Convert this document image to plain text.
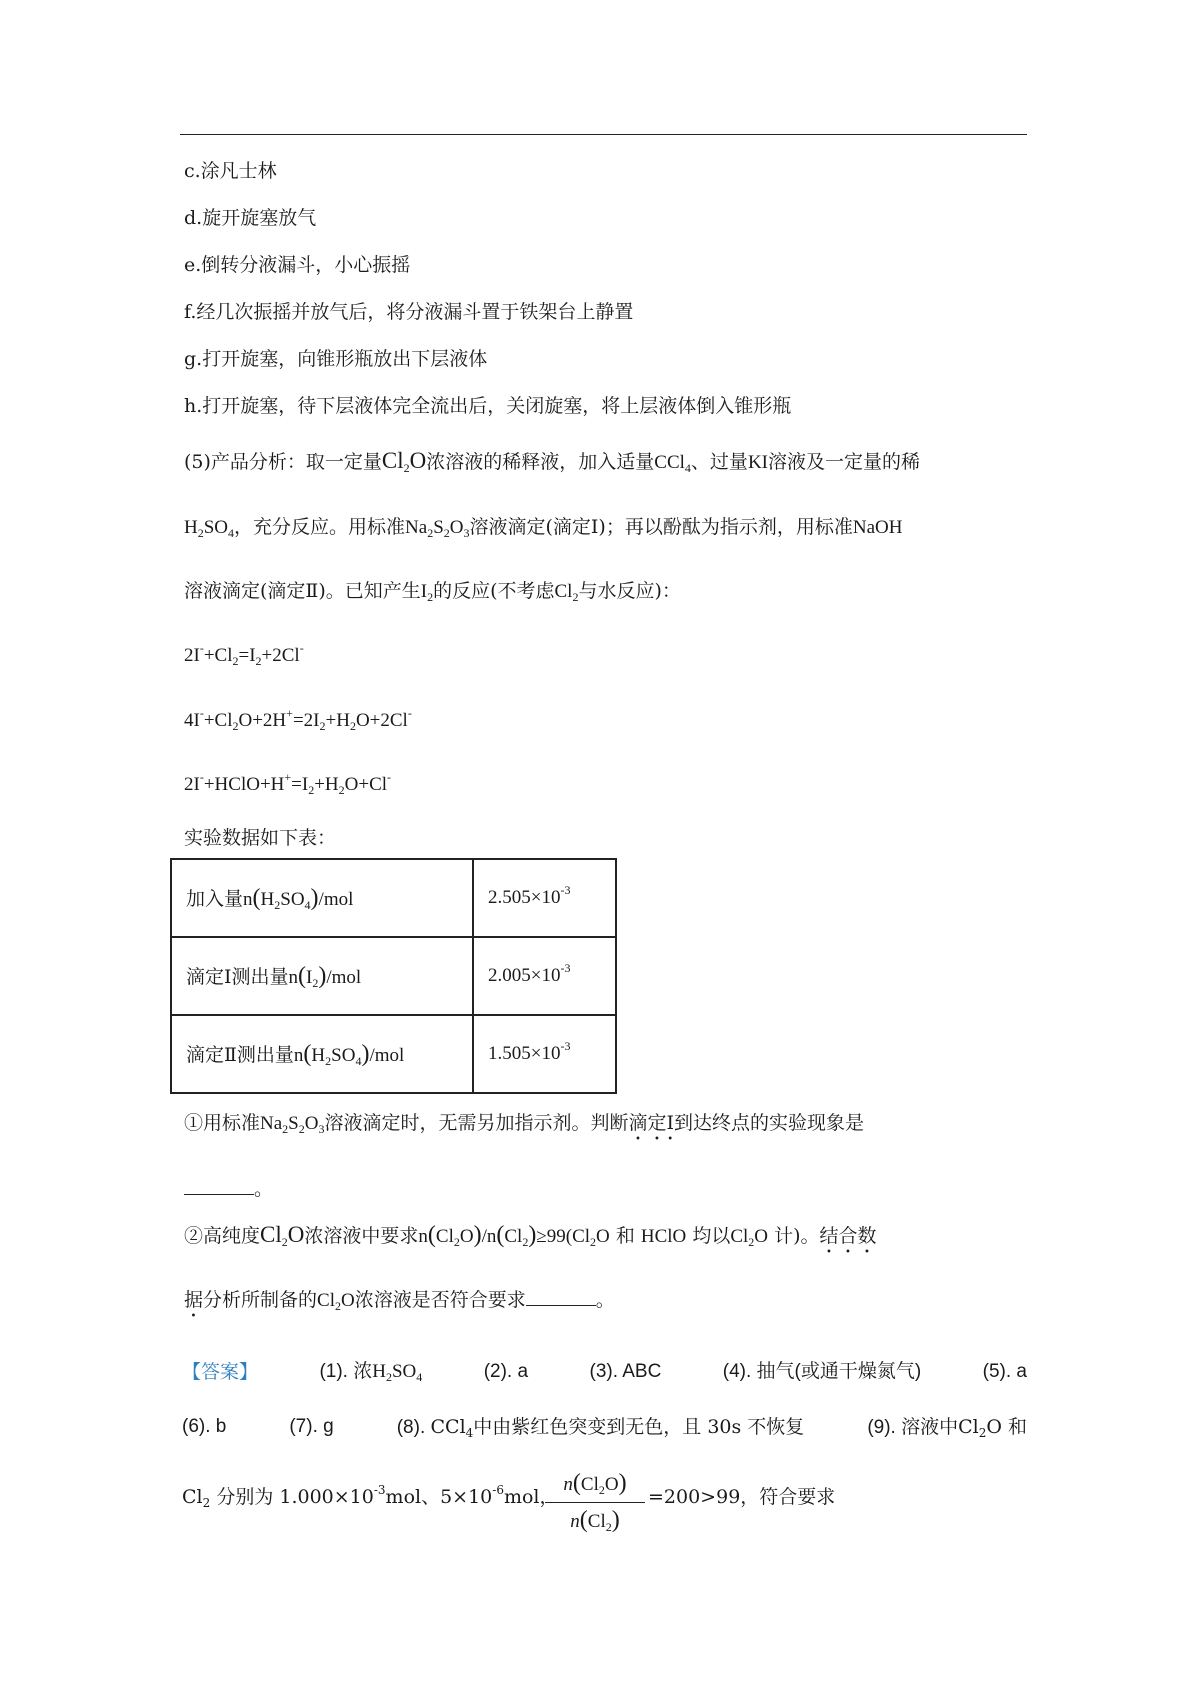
c.涂凡士林
d.旋开旋塞放气
e.倒转分液漏斗，小心振摇
f.经几次振摇并放气后，将分液漏斗置于铁架台上静置
g.打开旋塞，向锥形瓶放出下层液体
h.打开旋塞，待下层液体完全流出后，关闭旋塞，将上层液体倒入锥形瓶
(5)产品分析：取一定量$Cl_2O$浓溶液的稀释液，加入适量CCl$_4$、过量KI溶液及一定量的稀
$H_2SO_4$，充分反应。用标准$Na_2S_2O_3$溶液滴定(滴定Ⅰ)；再以酚酞为指示剂，用标准NaOH
溶液滴定(滴定Ⅱ)。已知产生$I_2$的反应(不考虑$Cl_2$与水反应)：
$2I^-+Cl_2=I_2+2Cl^-$
$4I^-+Cl_2O+2H^+=2I_2+H_2O+2Cl^-$
$2I^-+HClO+H^+=I_2+H_2O+Cl^-$
实验数据如下表：
加入量$n(H_2SO_4)$/mol	$2.505\times 10^{-3}$
滴定Ⅰ测出量$n(I_2)$/mol	$2.005\times 10^{-3}$
滴定Ⅱ测出量$n(H_2SO_4)$/mol	$1.505\times 10^{-3}$
①用标准$Na_2S_2O_3$溶液滴定时，无需另加指示剂。判断滴定Ⅰ到达终点的实验现象是
。
②高纯度$Cl_2O$浓溶液中要求$n(Cl_2O)/n(Cl_2)\ge 99(Cl_2O$ 和 HClO 均以$Cl_2O$ 计)。结合数
据分析所制备的$Cl_2O$浓溶液是否符合要求	。
【答案】	(1). 浓$H_2SO_4$	(2). a	(3). ABC	(4). 抽气(或通干燥氮气)	(5). a
(6). b	(7). g	(8). CCl$_4$中由紫红色突变到无色，且 30s 不恢复	(9). 溶液中$Cl_2O$ 和
$Cl_2$ 分别为 $1.000\times 10^{-3}mol$、$5\times 10^{-6}mol$，
$n(Cl_2O)$
$n(Cl_2)$
=200>99，符合要求
